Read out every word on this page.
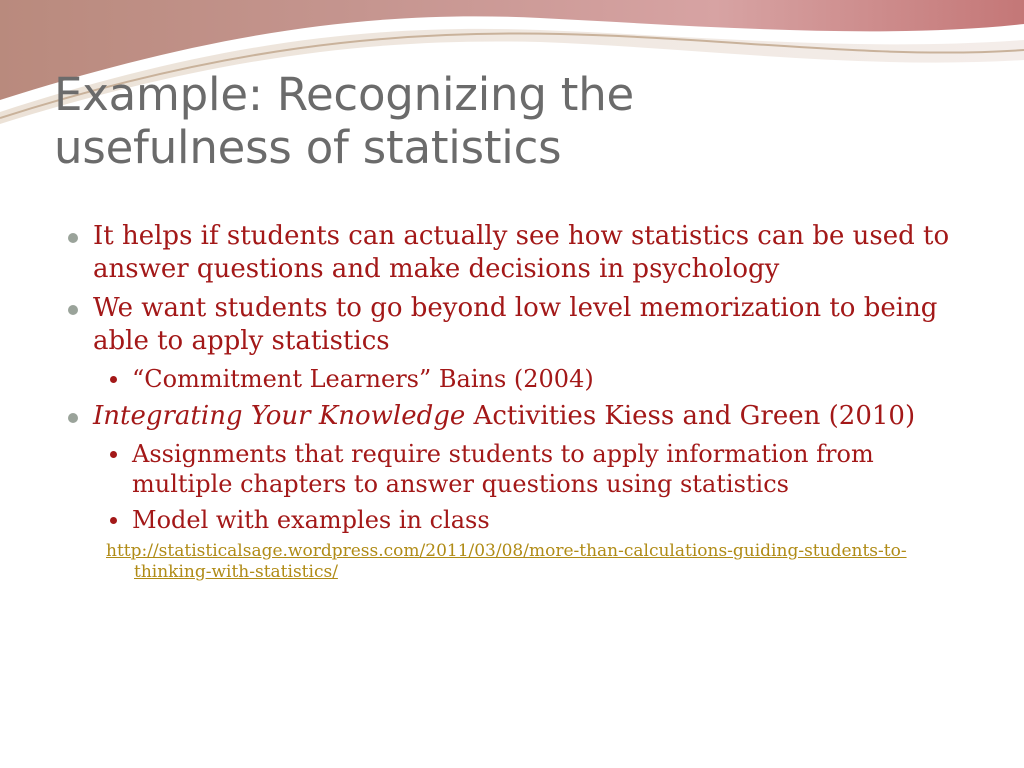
Example: Recognizing the
usefulness of statistics
It helps if students can actually see how statistics can be used to answer questions and make decisions in psychology
We want students to go beyond low level memorization to being able to apply statistics
“Commitment Learners” Bains (2004)
Integrating Your Knowledge Activities Kiess and Green (2010)
Assignments that require students to apply information from multiple chapters to answer questions using statistics
Model with examples in class
http://statisticalsage.wordpress.com/2011/03/08/more-than-calculations-guiding-students-to-thinking-with-statistics/
